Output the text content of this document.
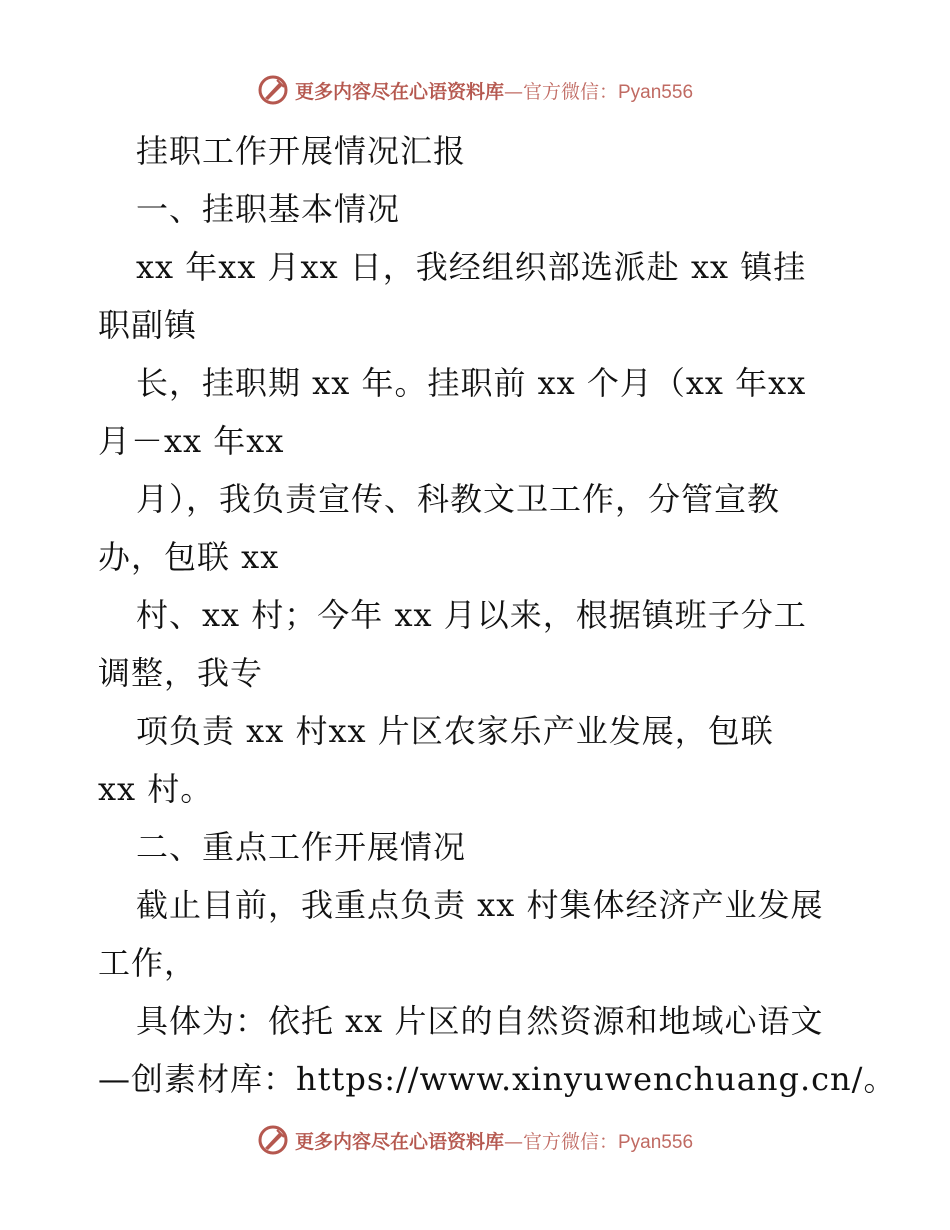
更多内容尽在心语资料库—官方微信：Pyan556
挂职工作开展情况汇报
一、挂职基本情况
xx 年xx 月xx 日，我经组织部选派赴 xx 镇挂
职副镇
长，挂职期 xx 年。挂职前 xx 个月（xx 年xx
月－xx 年xx
月），我负责宣传、科教文卫工作，分管宣教
办，包联 xx
村、xx 村；今年 xx 月以来，根据镇班子分工
调整，我专
项负责 xx 村xx 片区农家乐产业发展，包联
xx 村。
二、重点工作开展情况
截止目前，我重点负责 xx 村集体经济产业发展
工作，
具体为：依托 xx 片区的自然资源和地域心语文
—创素材库：https://www.xinyuwenchuang.cn/。
更多内容尽在心语资料库—官方微信：Pyan556
